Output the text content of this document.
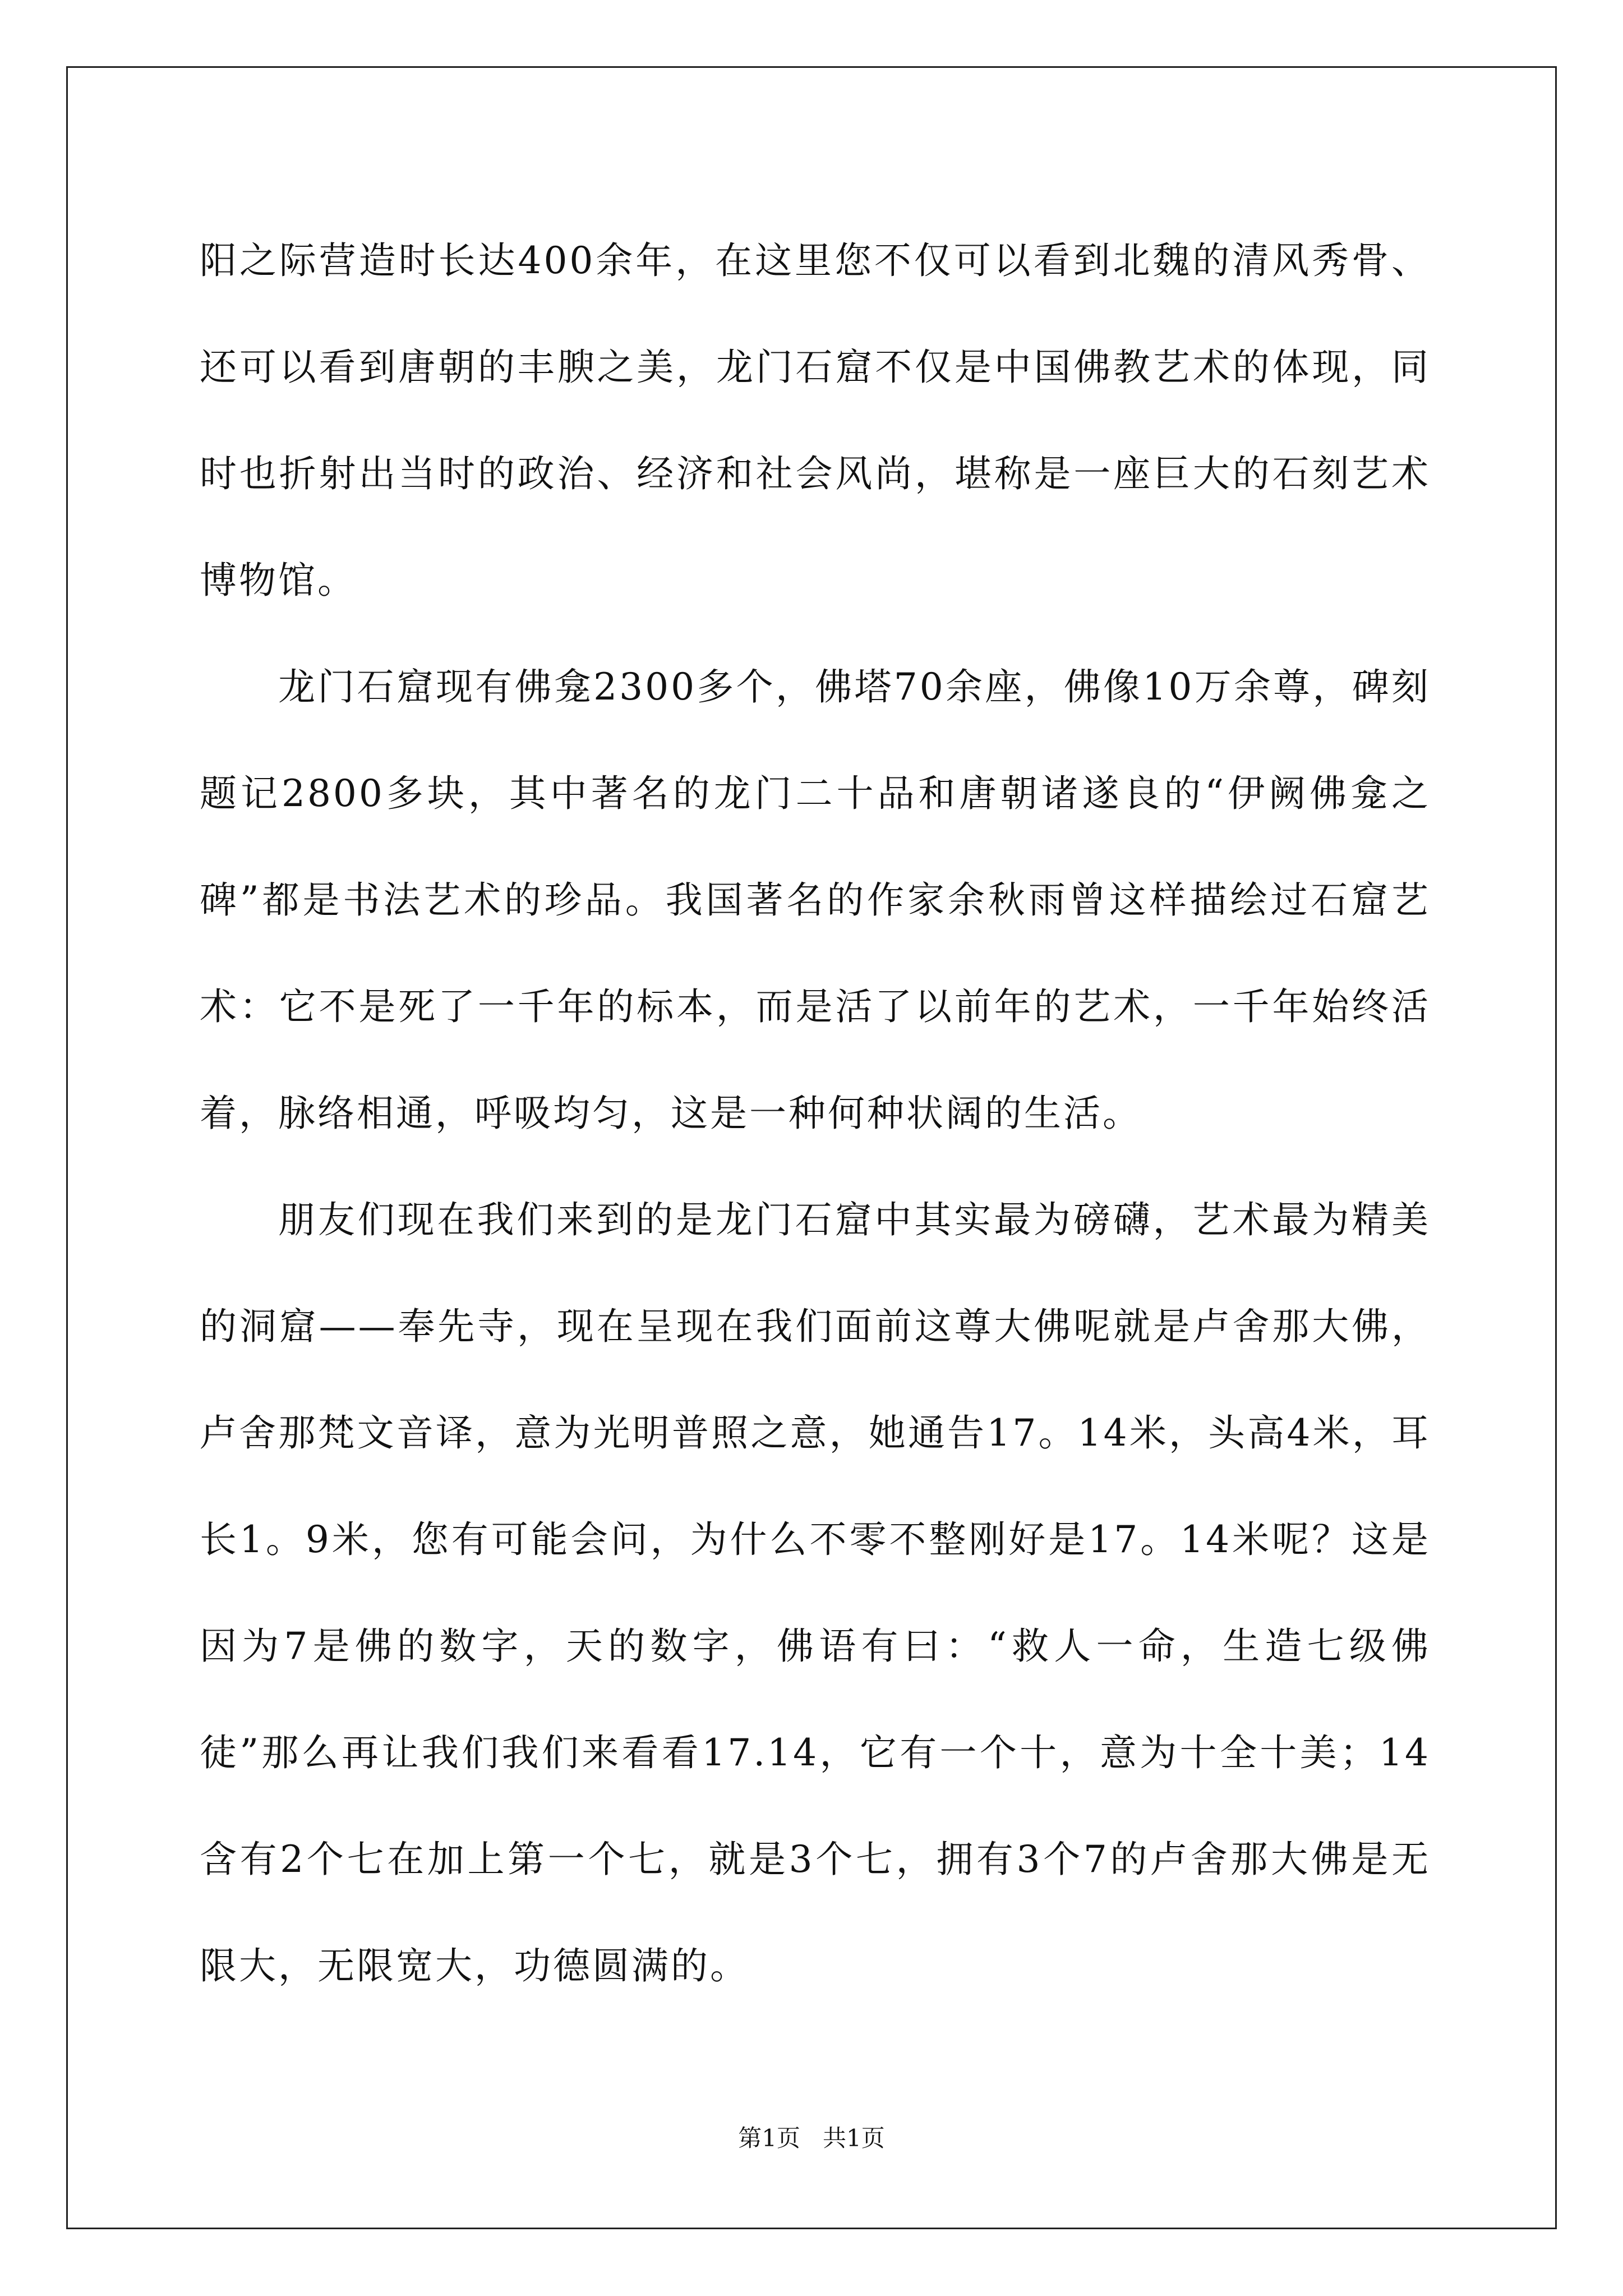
阳之际营造时长达400余年，在这里您不仅可以看到北魏的清风秀骨、还可以看到唐朝的丰腴之美，龙门石窟不仅是中国佛教艺术的体现，同时也折射出当时的政治、经济和社会风尚，堪称是一座巨大的石刻艺术博物馆。

龙门石窟现有佛龛2300多个，佛塔70余座，佛像10万余尊，碑刻题记2800多块，其中著名的龙门二十品和唐朝诸遂良的“伊阙佛龛之碑”都是书法艺术的珍品。我国著名的作家余秋雨曾这样描绘过石窟艺术：它不是死了一千年的标本，而是活了以前年的艺术，一千年始终活着，脉络相通，呼吸均匀，这是一种何种状阔的生活。

朋友们现在我们来到的是龙门石窟中其实最为磅礴，艺术最为精美的洞窟——奉先寺，现在呈现在我们面前这尊大佛呢就是卢舍那大佛，卢舍那梵文音译，意为光明普照之意，她通告17。14米，头高4米，耳长1。9米，您有可能会问，为什么不零不整刚好是17。14米呢？这是因为7是佛的数字，天的数字，佛语有曰：“救人一命，生造七级佛徒”那么再让我们我们来看看17.14，它有一个十，意为十全十美；14含有2个七在加上第一个七，就是3个七，拥有3个7的卢舍那大佛是无限大，无限宽大，功德圆满的。

第1页   共1页
